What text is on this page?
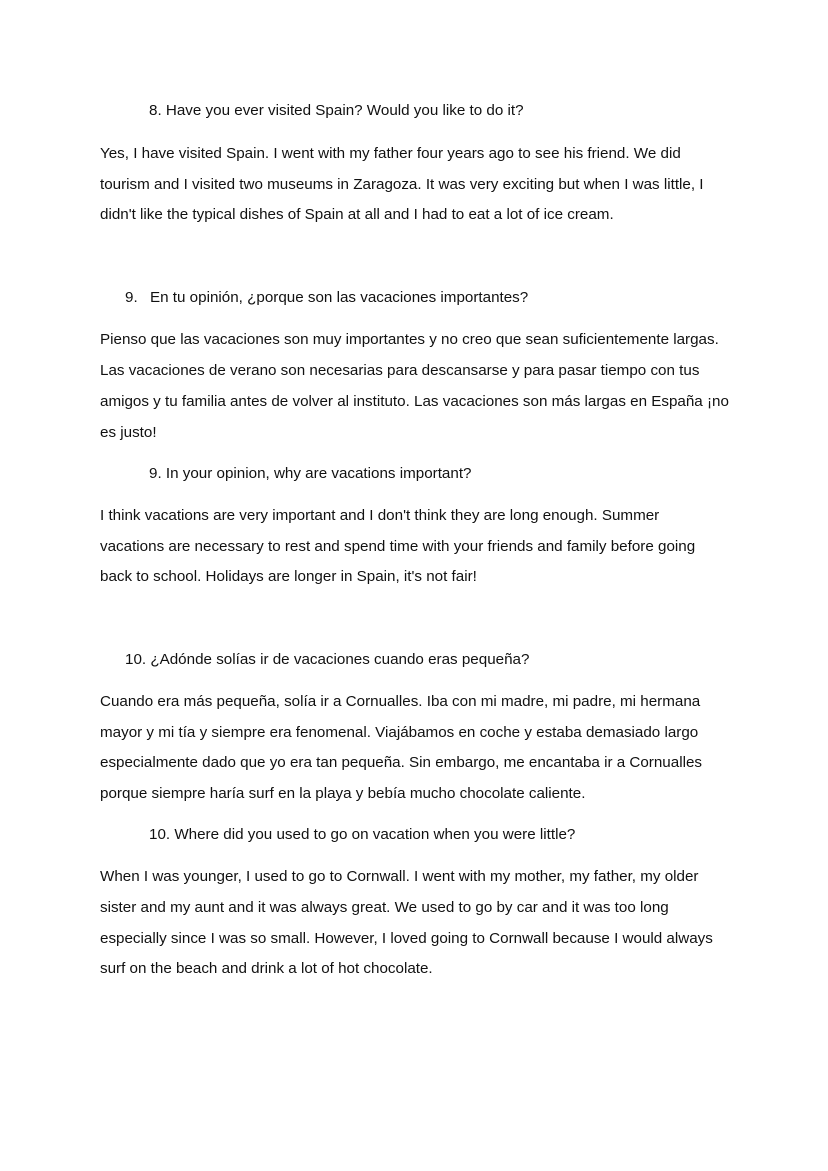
8. Have you ever visited Spain? Would you like to do it?
Yes, I have visited Spain. I went with my father four years ago to see his friend. We did
tourism and I visited two museums in Zaragoza. It was very exciting but when I was little, I
didn't like the typical dishes of Spain at all and I had to eat a lot of ice cream.
9. En tu opinión, ¿porque son las vacaciones importantes?
Pienso que las vacaciones son muy importantes y no creo que sean suficientemente largas.
Las vacaciones de verano son necesarias para descansarse y para pasar tiempo con tus
amigos y tu familia antes de volver al instituto. Las vacaciones son más largas en España ¡no
es justo!
9. In your opinion, why are vacations important?
I think vacations are very important and I don't think they are long enough. Summer
vacations are necessary to rest and spend time with your friends and family before going
back to school. Holidays are longer in Spain, it's not fair!
10. ¿Adónde solías ir de vacaciones cuando eras pequeña?
Cuando era más pequeña, solía ir a Cornualles. Iba con mi madre, mi padre, mi hermana
mayor y mi tía y siempre era fenomenal. Viajábamos en coche y estaba demasiado largo
especialmente dado que yo era tan pequeña. Sin embargo, me encantaba ir a Cornualles
porque siempre haría surf en la playa y bebía mucho chocolate caliente.
10. Where did you used to go on vacation when you were little?
When I was younger, I used to go to Cornwall. I went with my mother, my father, my older
sister and my aunt and it was always great. We used to go by car and it was too long
especially since I was so small. However, I loved going to Cornwall because I would always
surf on the beach and drink a lot of hot chocolate.
